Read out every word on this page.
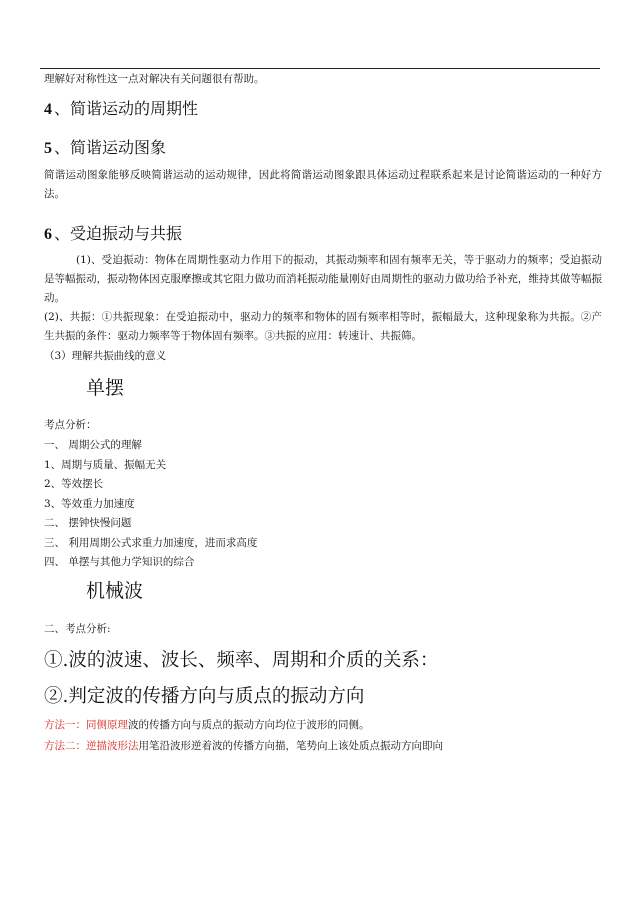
理解好对称性这一点对解决有关问题很有帮助。
4 、简谐运动的周期性
5 、简谐运动图象
简谐运动图象能够反映简谐运动的运动规律，因此将简谐运动图象跟具体运动过程联系起来是讨论简谐运动的一种好方法。
6 、受迫振动与共振
(1)、受迫振动：物体在周期性驱动力作用下的振动，其振动频率和固有频率无关，等于驱动力的频率；受迫振动是等幅振动，振动物体因克服摩擦或其它阻力做功而消耗振动能量刚好由周期性的驱动力做功给予补充，维持其做等幅振动。
(2)、共振：①共振现象：在受迫振动中，驱动力的频率和物体的固有频率相等时，振幅最大，这种现象称为共振。②产生共振的条件：驱动力频率等于物体固有频率。③共振的应用：转速计、共振筛。
（3）理解共振曲线的意义
单摆
考点分析：
一、 周期公式的理解
1、周期与质量、振幅无关
2、等效摆长
3、等效重力加速度
二、 摆钟快慢问题
三、 利用周期公式求重力加速度，进而求高度
四、 单摆与其他力学知识的综合
机械波
二、考点分析:
①.波的波速、波长、频率、周期和介质的关系：
②.判定波的传播方向与质点的振动方向
方法一：同侧原理波的传播方向与质点的振动方向均位于波形的同侧。
方法二：逆描波形法用笔沿波形逆着波的传播方向描，笔势向上该处质点振动方向即向
